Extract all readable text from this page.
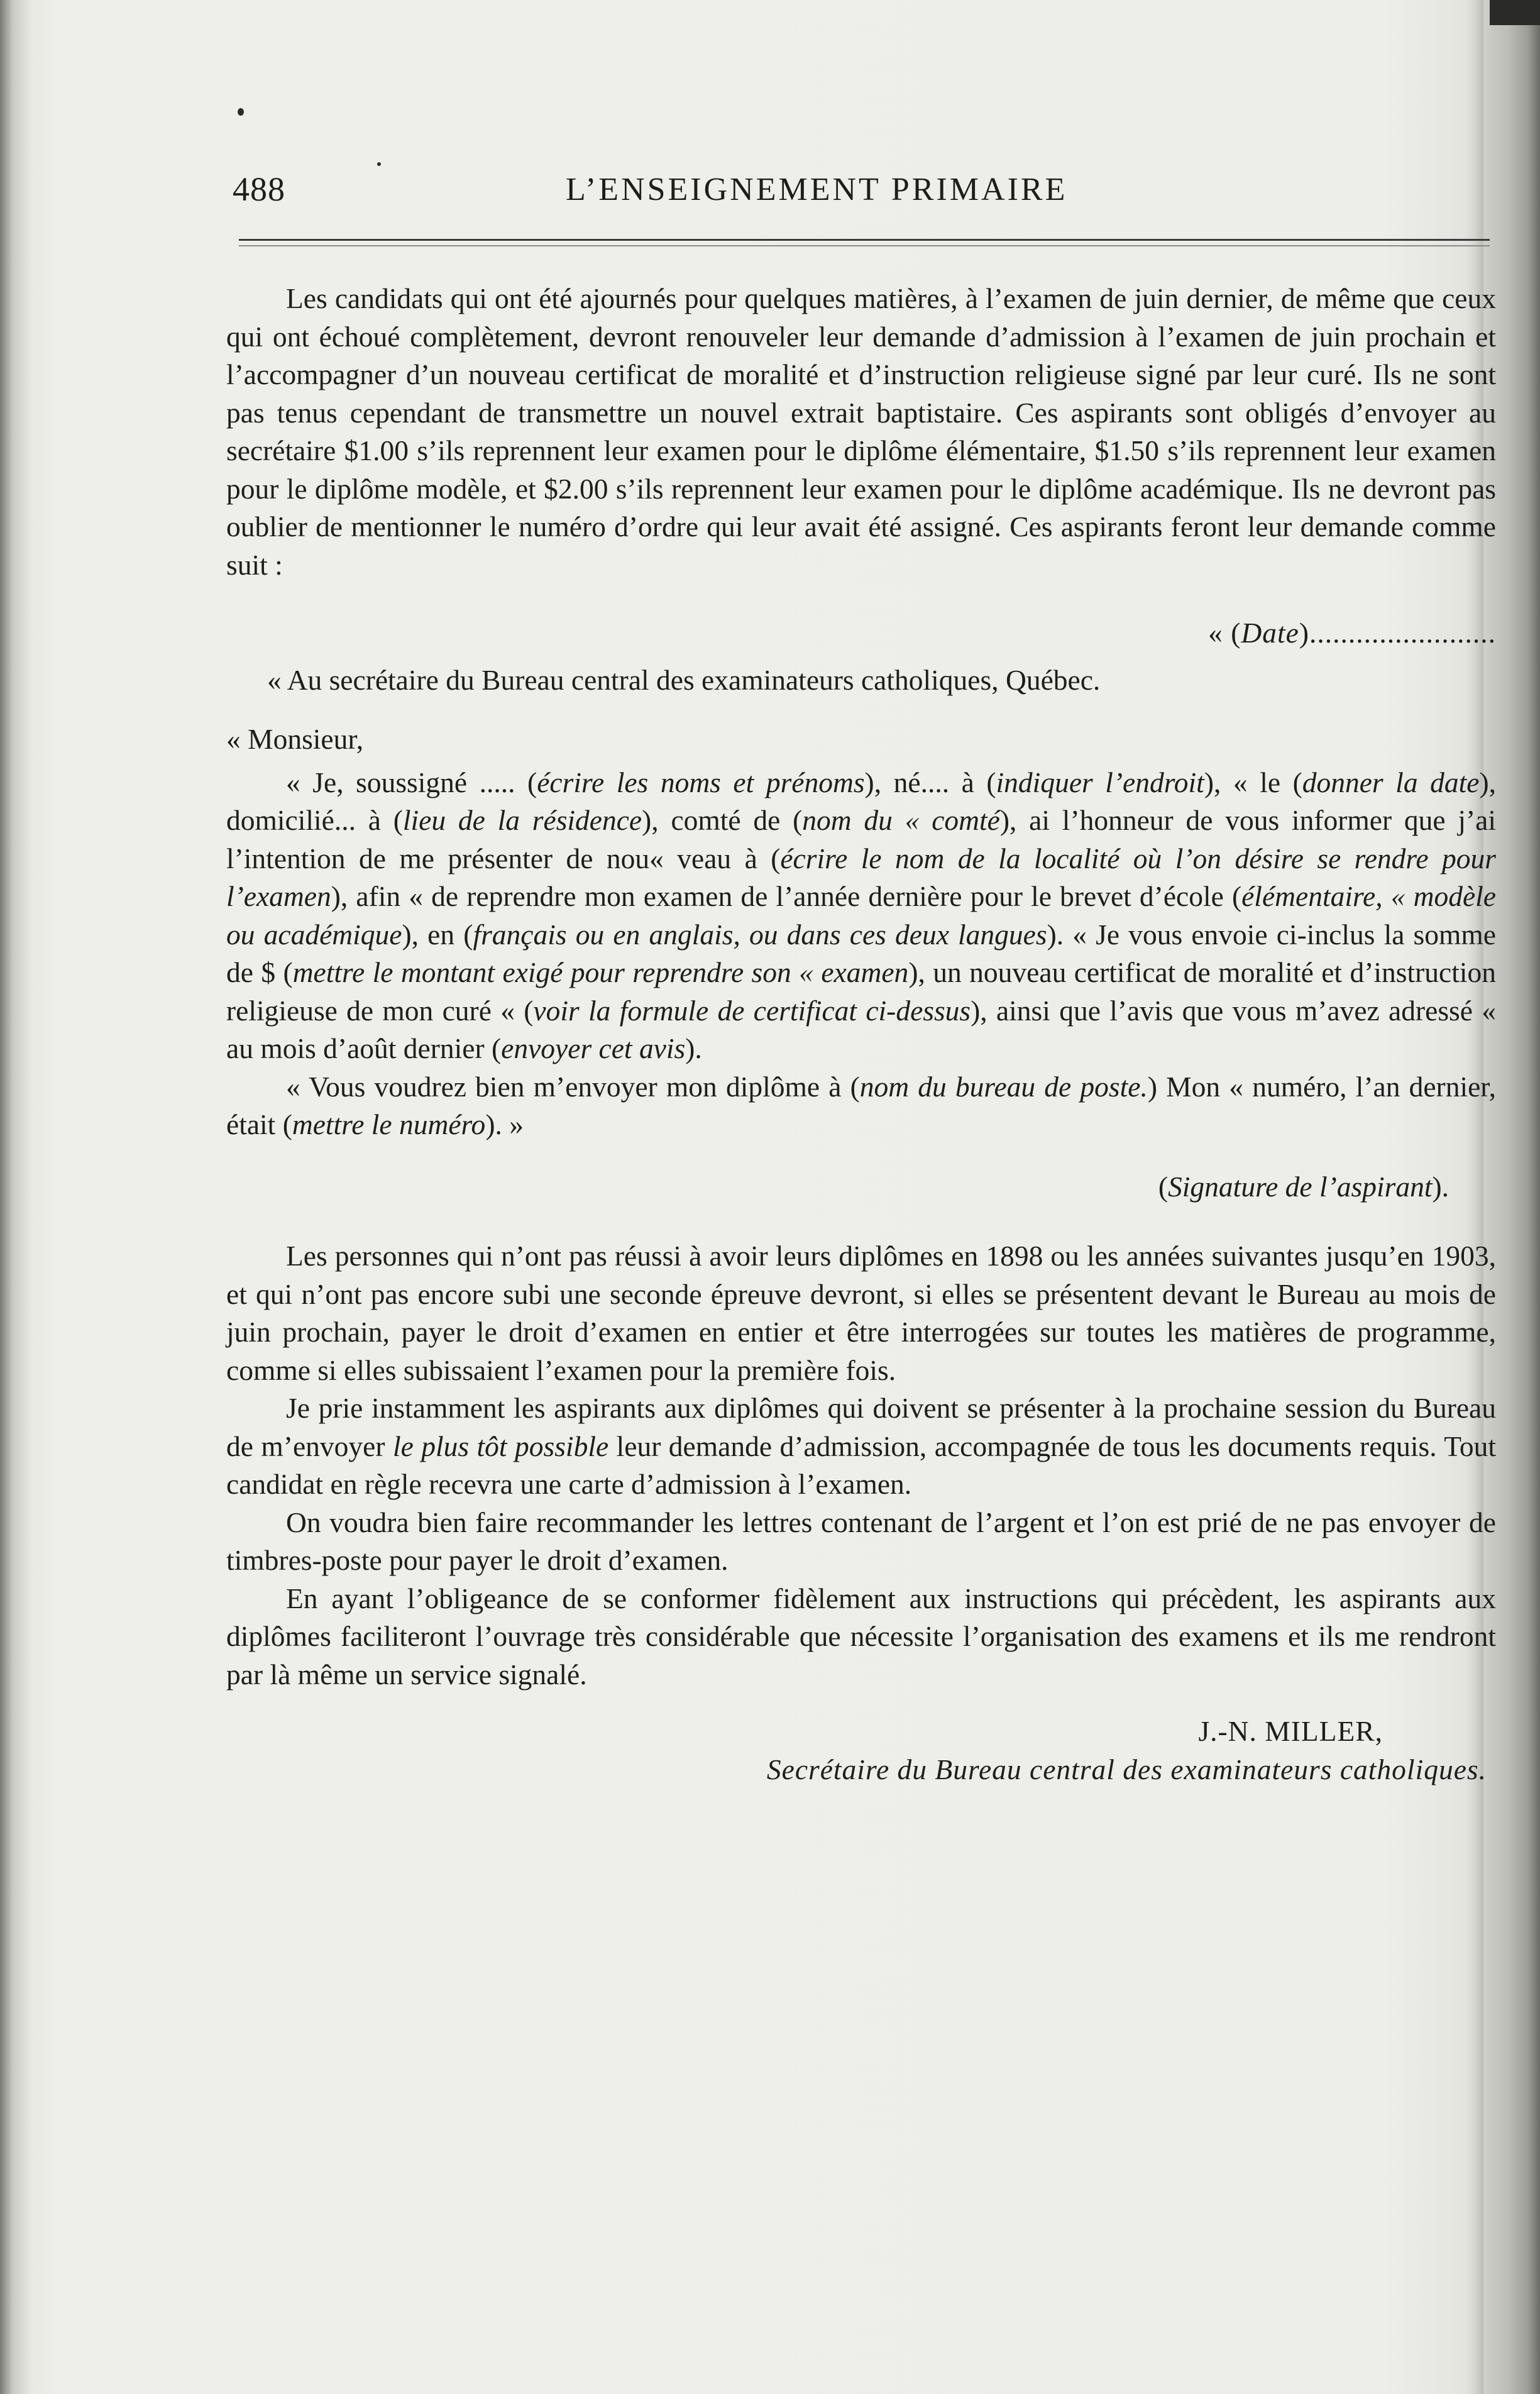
488	L’ENSEIGNEMENT PRIMAIRE

Les candidats qui ont été ajournés pour quelques matières, à l’examen de juin dernier, de même que ceux qui ont échoué complètement, devront renouveler leur demande d’admission à l’examen de juin prochain et l’accompagner d’un nouveau certificat de moralité et d’instruction religieuse signé par leur curé. Ils ne sont pas tenus cependant de transmettre un nouvel extrait baptistaire. Ces aspirants sont obligés d’envoyer au secrétaire $1.00 s’ils reprennent leur examen pour le diplôme élémentaire, $1.50 s’ils reprennent leur examen pour le diplôme modèle, et $2.00 s’ils reprennent leur examen pour le diplôme académique. Ils ne devront pas oublier de mentionner le numéro d’ordre qui leur avait été assigné. Ces aspirants feront leur demande comme suit :

« (Date)........................

« Au secrétaire du Bureau central des examinateurs catholiques, Québec.

« Monsieur,

« Je, soussigné ..... (écrire les noms et prénoms), né.... à (indiquer l’endroit), « le (donner la date), domicilié... à (lieu de la résidence), comté de (nom du « comté), ai l’honneur de vous informer que j’ai l’intention de me présenter de nou« veau à (écrire le nom de la localité où l’on désire se rendre pour l’examen), afin « de reprendre mon examen de l’année dernière pour le brevet d’école (élémentaire, « modèle ou académique), en (français ou en anglais, ou dans ces deux langues). « Je vous envoie ci-inclus la somme de $ (mettre le montant exigé pour reprendre son « examen), un nouveau certificat de moralité et d’instruction religieuse de mon curé « (voir la formule de certificat ci-dessus), ainsi que l’avis que vous m’avez adressé « au mois d’août dernier (envoyer cet avis).

« Vous voudrez bien m’envoyer mon diplôme à (nom du bureau de poste.) Mon « numéro, l’an dernier, était (mettre le numéro). »

(Signature de l’aspirant).

Les personnes qui n’ont pas réussi à avoir leurs diplômes en 1898 ou les années suivantes jusqu’en 1903, et qui n’ont pas encore subi une seconde épreuve devront, si elles se présentent devant le Bureau au mois de juin prochain, payer le droit d’examen en entier et être interrogées sur toutes les matières de programme, comme si elles subissaient l’examen pour la première fois.

Je prie instamment les aspirants aux diplômes qui doivent se présenter à la prochaine session du Bureau de m’envoyer le plus tôt possible leur demande d’admission, accompagnée de tous les documents requis. Tout candidat en règle recevra une carte d’admission à l’examen.

On voudra bien faire recommander les lettres contenant de l’argent et l’on est prié de ne pas envoyer de timbres-poste pour payer le droit d’examen.

En ayant l’obligeance de se conformer fidèlement aux instructions qui précèdent, les aspirants aux diplômes faciliteront l’ouvrage très considérable que nécessite l’organisation des examens et ils me rendront par là même un service signalé.

J.-N. MILLER,

Secrétaire du Bureau central des examinateurs catholiques.
